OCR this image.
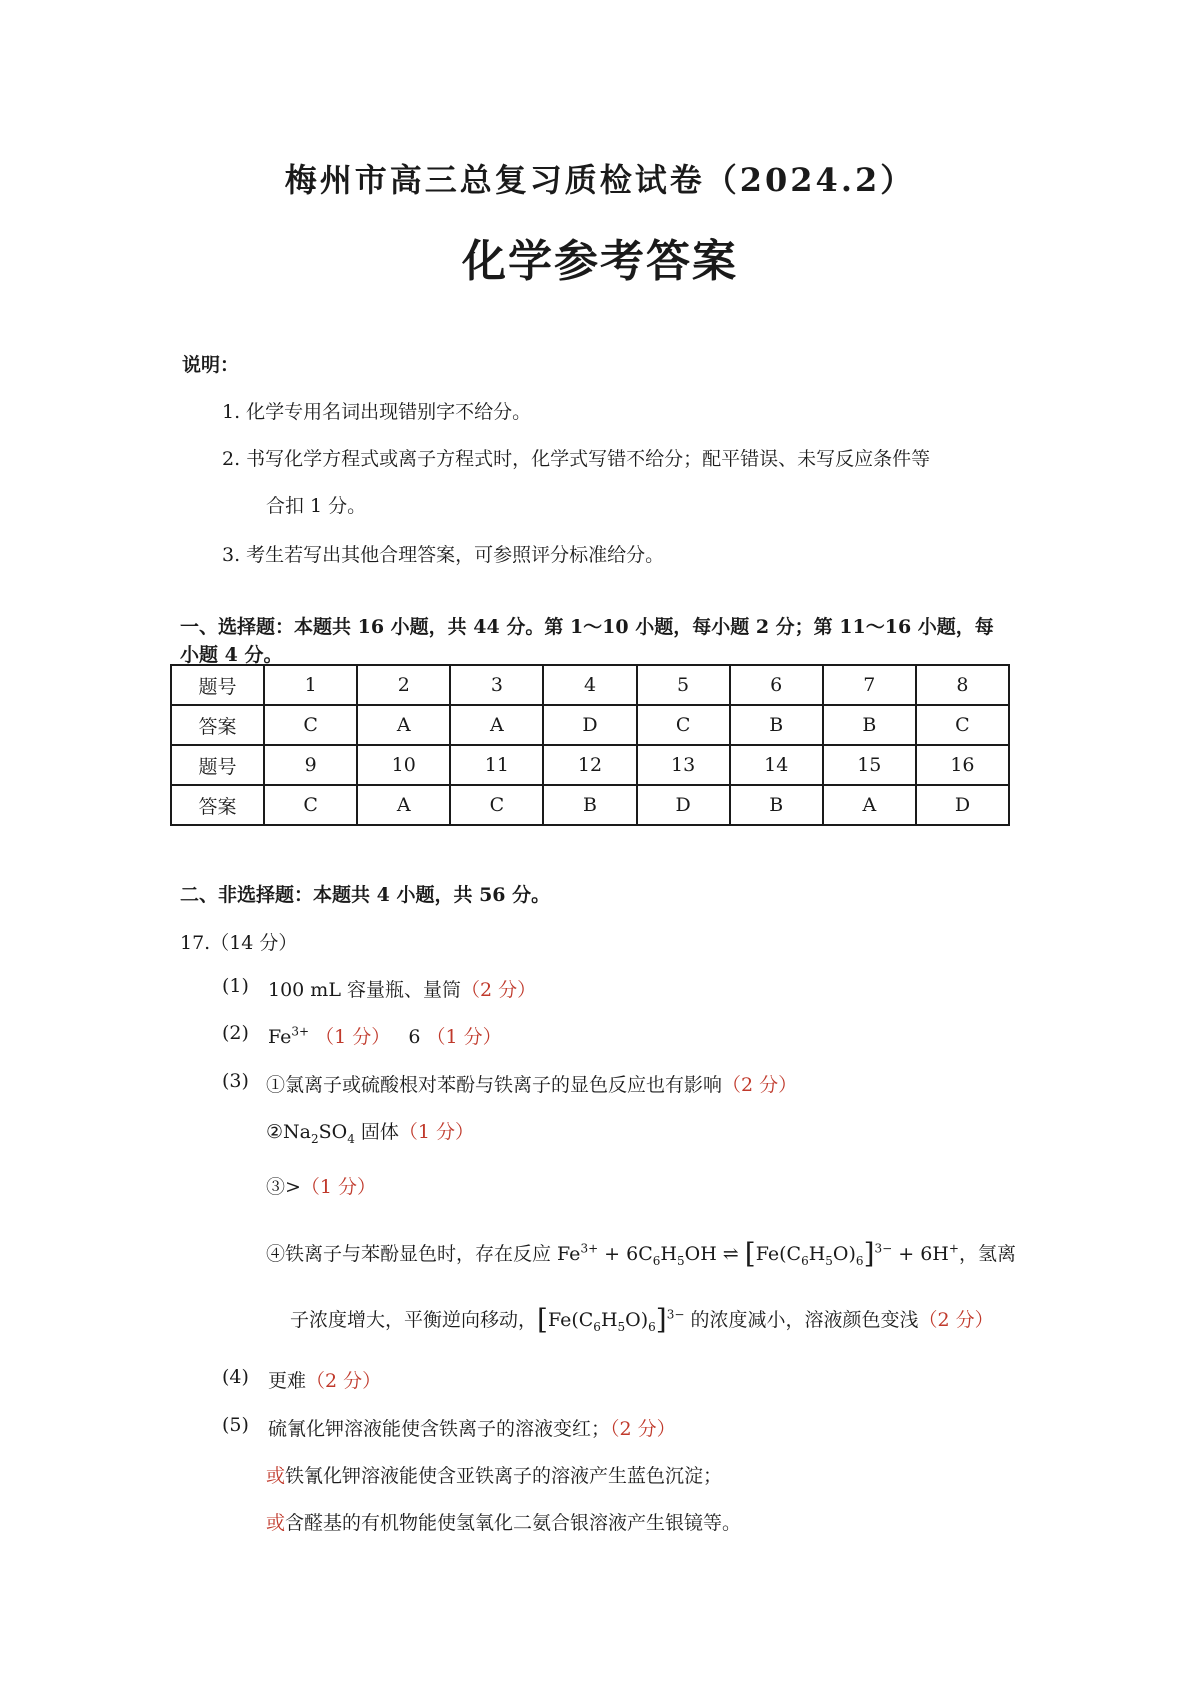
梅州市高三总复习质检试卷（2024.2）
化学参考答案
说明：
1. 化学专用名词出现错别字不给分。
2. 书写化学方程式或离子方程式时，化学式写错不给分；配平错误、未写反应条件等
合扣 1 分。
3. 考生若写出其他合理答案，可参照评分标准给分。
一、选择题：本题共 16 小题，共 44 分。第 1～10 小题，每小题 2 分；第 11～16 小题，每
小题 4 分。
题号	1	2	3	4	5	6	7	8
答案	C	A	A	D	C	B	B	C
题号	9	10	11	12	13	14	15	16
答案	C	A	C	B	D	B	A	D
二、非选择题：本题共 4 小题，共 56 分。
17.（14 分）
(1) 100 mL 容量瓶、量筒（2 分）
(2) $Fe^{3+}$ （1 分） 6 （1 分）
(3) ①氯离子或硫酸根对苯酚与铁离子的显色反应也有影响（2 分）
$②Na_2SO_4$ 固体（1 分）
③>（1 分）
④铁离子与苯酚显色时，存在反应 $Fe^{3+} + 6C_6H_5OH$ ⇌ $[Fe(C_6H_5O)_6]^{3-} + 6H^+$，氢离
子浓度增大，平衡逆向移动，$[Fe(C_6H_5O)_6]^{3-}$ 的浓度减小，溶液颜色变浅（2 分）
(4) 更难（2 分）
(5) 硫氰化钾溶液能使含铁离子的溶液变红；（2 分）
或铁氰化钾溶液能使含亚铁离子的溶液产生蓝色沉淀；
或含醛基的有机物能使氢氧化二氨合银溶液产生银镜等。
